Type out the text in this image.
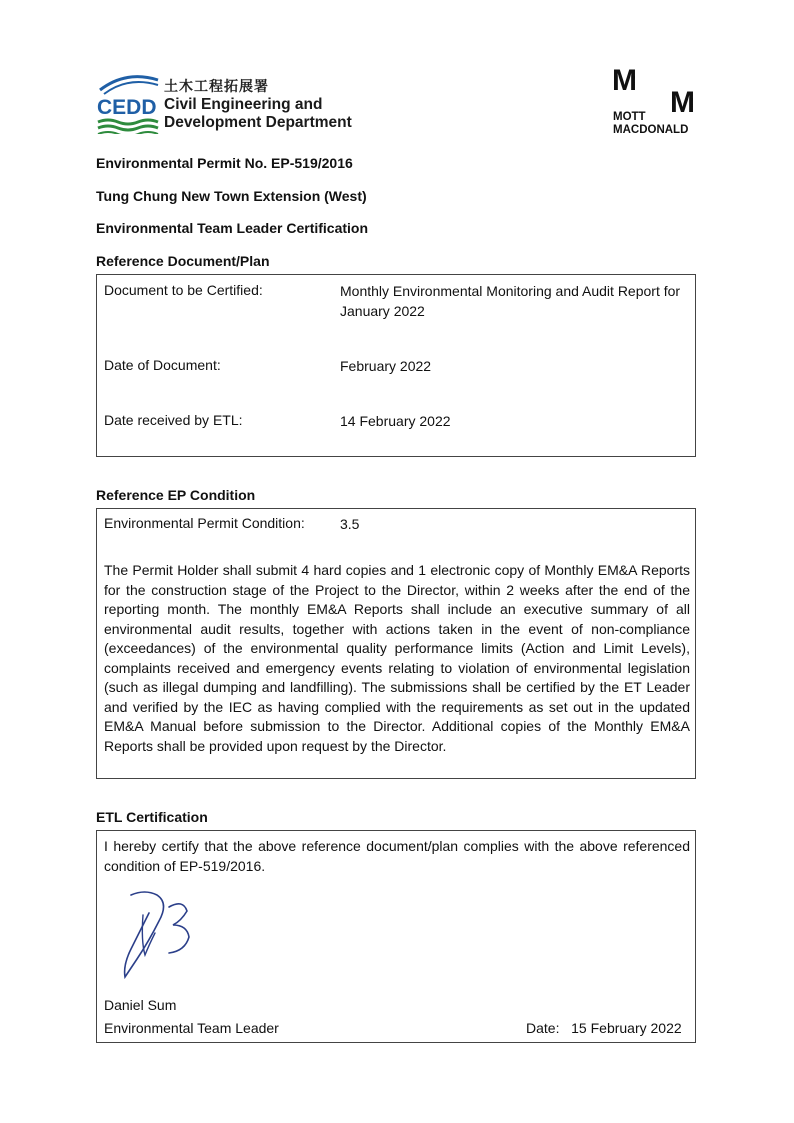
CEDD
土木工程拓展署
Civil Engineering and
Development Department
M
M
MOTT
MACDONALD
Environmental Permit No. EP-519/2016
Tung Chung New Town Extension (West)
Environmental Team Leader Certification
Reference Document/Plan
Document to be Certified:	Monthly Environmental Monitoring and Audit Report for January 2022
Date of Document:	February 2022
Date received by ETL:	14 February 2022
Reference EP Condition
Environmental Permit Condition:	3.5
The Permit Holder shall submit 4 hard copies and 1 electronic copy of Monthly EM&A Reports for the construction stage of the Project to the Director, within 2 weeks after the end of the reporting month. The monthly EM&A Reports shall include an executive summary of all environmental audit results, together with actions taken in the event of non-compliance (exceedances) of the environmental quality performance limits (Action and Limit Levels), complaints received and emergency events relating to violation of environmental legislation (such as illegal dumping and landfilling). The submissions shall be certified by the ET Leader and verified by the IEC as having complied with the requirements as set out in the updated EM&A Manual before submission to the Director. Additional copies of the Monthly EM&A Reports shall be provided upon request by the Director.
ETL Certification
I hereby certify that the above reference document/plan complies with the above referenced condition of EP-519/2016.
Daniel Sum
Environmental Team Leader	Date: 15 February 2022
